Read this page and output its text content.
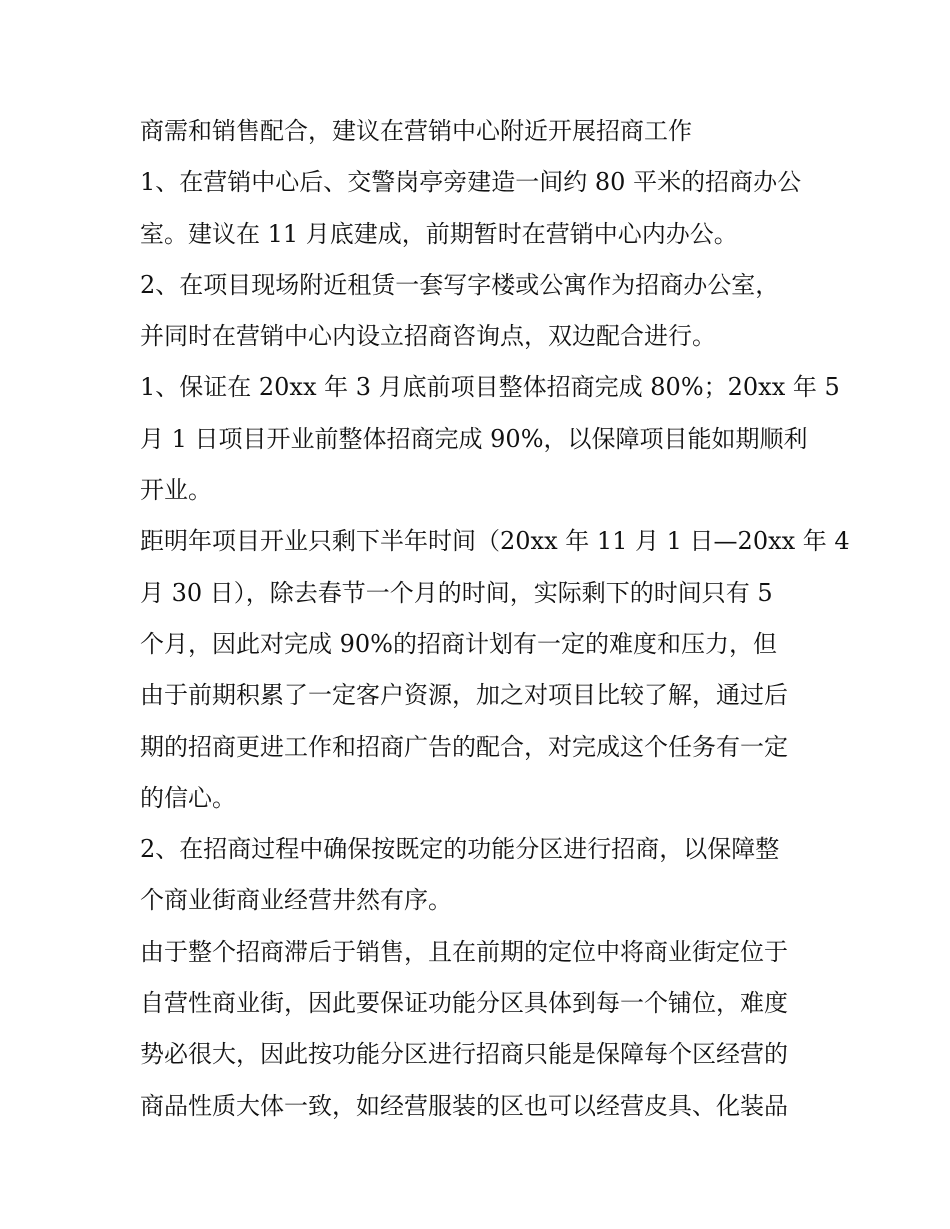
商需和销售配合，建议在营销中心附近开展招商工作
1、在营销中心后、交警岗亭旁建造一间约 80 平米的招商办公
室。建议在 11 月底建成，前期暂时在营销中心内办公。
2、在项目现场附近租赁一套写字楼或公寓作为招商办公室，
并同时在营销中心内设立招商咨询点，双边配合进行。
1、保证在 20xx 年 3 月底前项目整体招商完成 80%；20xx 年 5
月 1 日项目开业前整体招商完成 90%，以保障项目能如期顺利
开业。
距明年项目开业只剩下半年时间（20xx 年 11 月 1 日—20xx 年 4
月 30 日），除去春节一个月的时间，实际剩下的时间只有 5
个月，因此对完成 90%的招商计划有一定的难度和压力，但
由于前期积累了一定客户资源，加之对项目比较了解，通过后
期的招商更进工作和招商广告的配合，对完成这个任务有一定
的信心。
2、在招商过程中确保按既定的功能分区进行招商，以保障整
个商业街商业经营井然有序。
由于整个招商滞后于销售，且在前期的定位中将商业街定位于
自营性商业街，因此要保证功能分区具体到每一个铺位，难度
势必很大，因此按功能分区进行招商只能是保障每个区经营的
商品性质大体一致，如经营服装的区也可以经营皮具、化装品
